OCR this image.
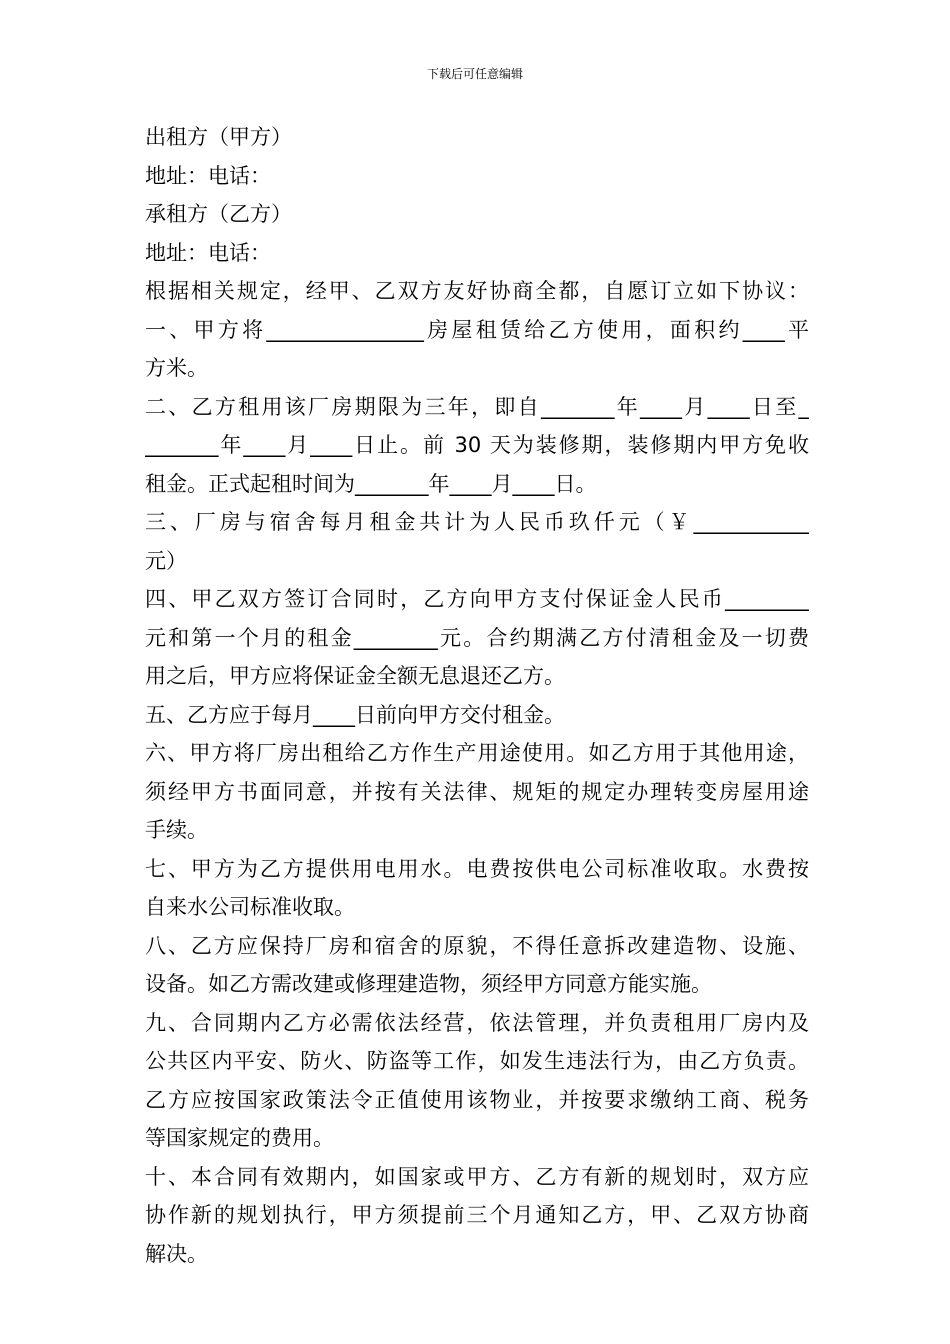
下载后可任意编辑
出租方（甲方）
地址：电话：
承租方（乙方）
地址：电话：
根据相关规定，经甲、乙双方友好协商全都，自愿订立如下协议：
一、甲方将_______________房屋租赁给乙方使用，面积约____平
方米。
二、乙方租用该厂房期限为三年，即自_______年____月____日至_
_______年____月____日止。前 30 天为装修期，装修期内甲方免收
租金。正式起租时间为_______年____月____日。
三、厂房与宿舍每月租金共计为人民币玖仟元（￥___________
元）
四、甲乙双方签订合同时，乙方向甲方支付保证金人民币________
元和第一个月的租金________元。合约期满乙方付清租金及一切费
用之后，甲方应将保证金全额无息退还乙方。
五、乙方应于每月____日前向甲方交付租金。
六、甲方将厂房出租给乙方作生产用途使用。如乙方用于其他用途，
须经甲方书面同意，并按有关法律、规矩的规定办理转变房屋用途
手续。
七、甲方为乙方提供用电用水。电费按供电公司标准收取。水费按
自来水公司标准收取。
八、乙方应保持厂房和宿舍的原貌，不得任意拆改建造物、设施、
设备。如乙方需改建或修理建造物，须经甲方同意方能实施。
九、合同期内乙方必需依法经营，依法管理，并负责租用厂房内及
公共区内平安、防火、防盗等工作，如发生违法行为，由乙方负责。
乙方应按国家政策法令正值使用该物业，并按要求缴纳工商、税务
等国家规定的费用。
十、本合同有效期内，如国家或甲方、乙方有新的规划时，双方应
协作新的规划执行，甲方须提前三个月通知乙方，甲、乙双方协商
解决。
